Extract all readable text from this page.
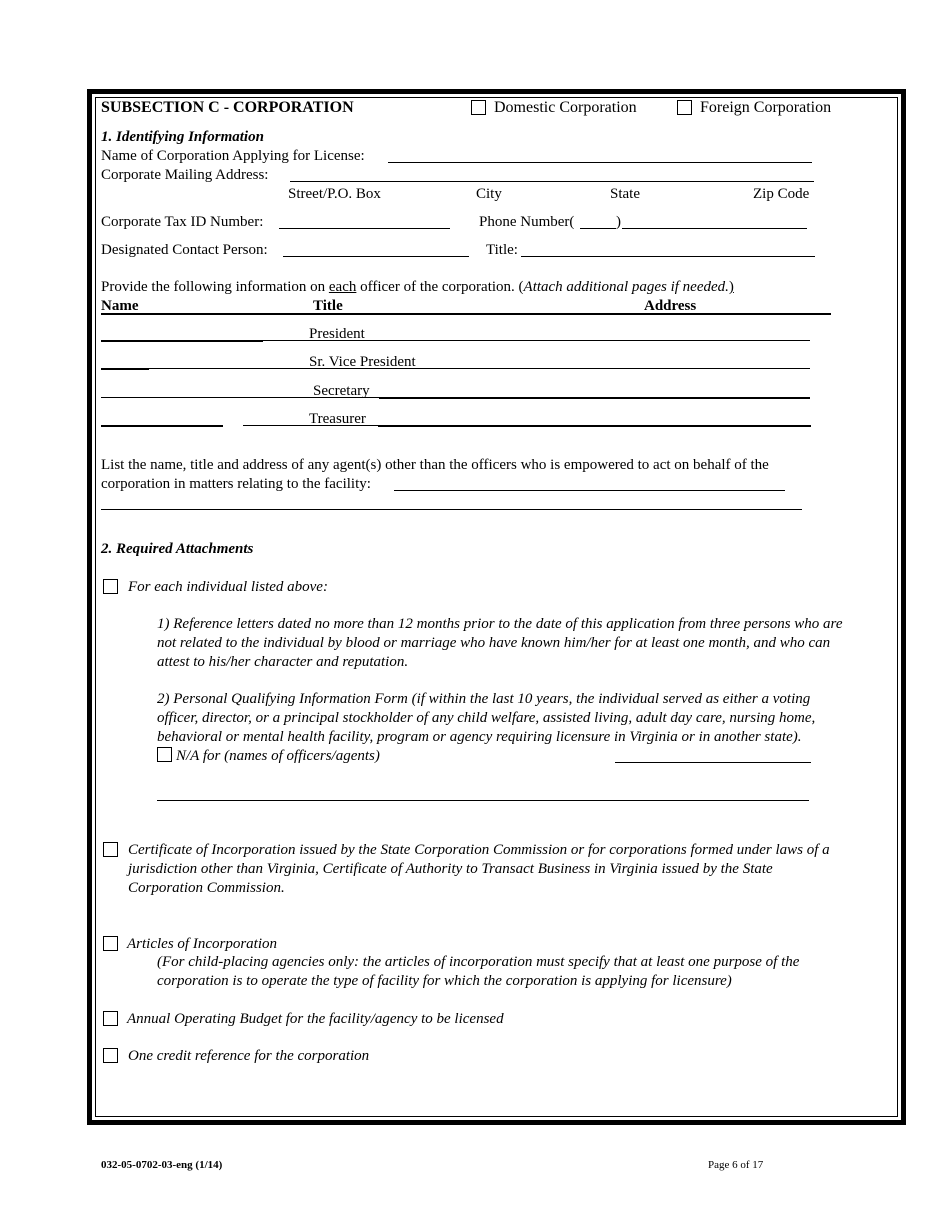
SUBSECTION C - CORPORATION	Domestic Corporation	Foreign Corporation
1. Identifying Information
Name of Corporation Applying for License:
Corporate Mailing Address:
Street/P.O. Box	City	State	Zip Code
Corporate Tax ID Number:	Phone Number(	)
Designated Contact Person:	Title:
Provide the following information on each officer of the corporation. (Attach additional pages if needed.)
Name	Title	Address
President
Sr. Vice President
Secretary
Treasurer
List the name, title and address of any agent(s) other than the officers who is empowered to act on behalf of the
corporation in matters relating to the facility:
2. Required Attachments
For each individual listed above:
1) Reference letters dated no more than 12 months prior to the date of this application from three persons who are not related to the individual by blood or marriage who have known him/her for at least one month, and who can attest to his/her character and reputation.
2) Personal Qualifying Information Form (if within the last 10 years, the individual served as either a voting officer, director, or a principal stockholder of any child welfare, assisted living, adult day care, nursing home, behavioral or mental health facility, program or agency requiring licensure in Virginia or in another state).  N/A for (names of officers/agents)
Certificate of Incorporation issued by the State Corporation Commission or for corporations formed under laws of a jurisdiction other than Virginia, Certificate of Authority to Transact Business in Virginia issued by the State Corporation Commission.
Articles of Incorporation
(For child-placing agencies only: the articles of incorporation must specify that at least one purpose of the corporation is to operate the type of facility for which the corporation is applying for licensure)
Annual Operating Budget for the facility/agency to be licensed
One credit reference for the corporation
032-05-0702-03-eng (1/14)	Page 6 of 17
